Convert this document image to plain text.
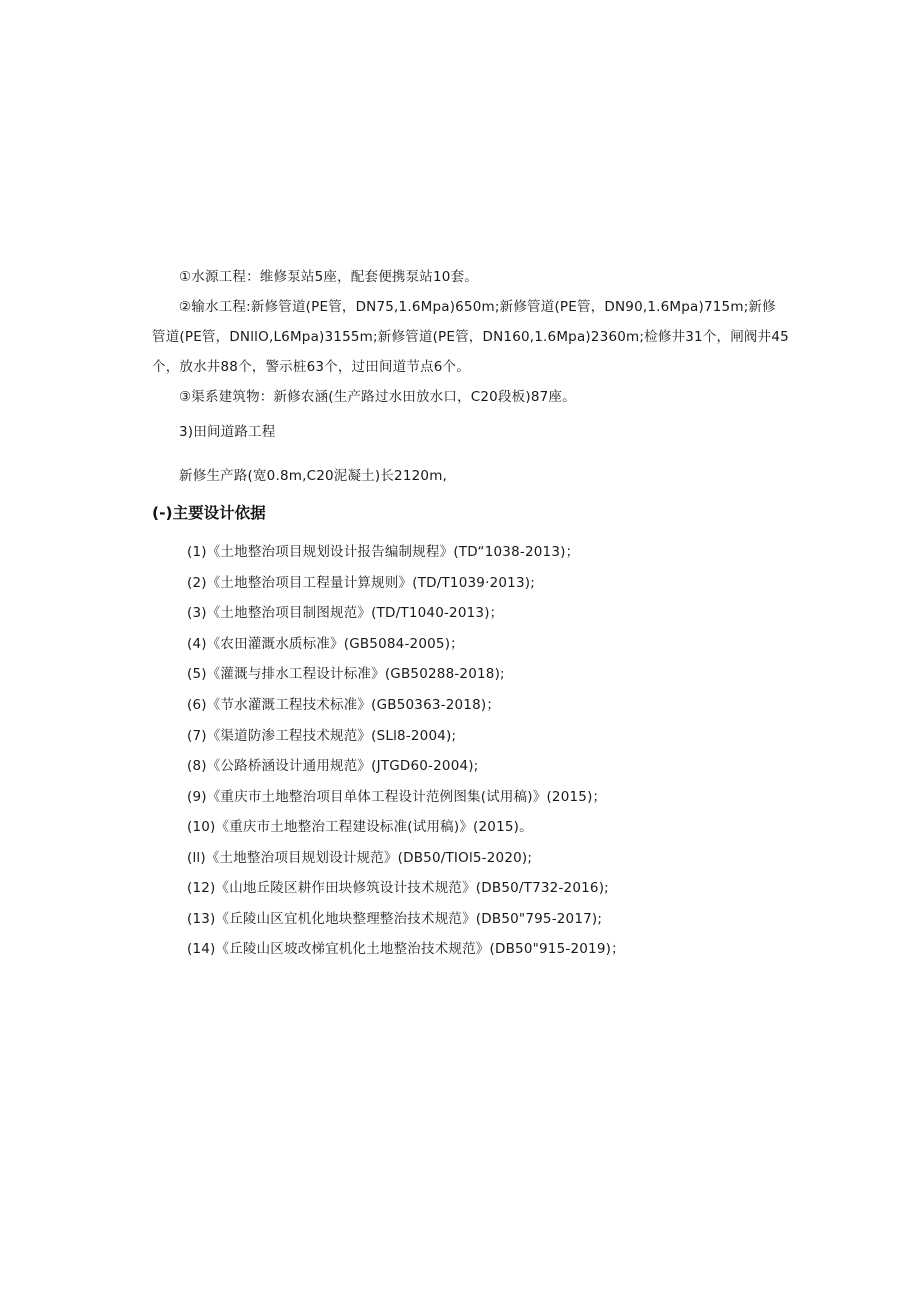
①水源工程：维修泵站5座，配套便携泵站10套。
②输水工程:新修管道(PE管，DN75,1.6Mpa)650m;新修管道(PE管，DN90,1.6Mpa)715m;新修
管道(PE管，DNllO,L6Mpa)3155m;新修管道(PE管，DN160,1.6Mpa)2360m;检修井31个，闸阀井45
个，放水井88个，警示桩63个，过田间道节点6个。
③渠系建筑物：新修农涵(生产路过水田放水口，C20段板)87座。
3)田间道路工程
新修生产路(宽0.8m,C20泥凝土)长2120m,
(-)主要设计依据
(1)《土地整治项目规划设计报告编制规程》(TD“1038-2013)；
(2)《土地整治项目工程量计算规则》(TD/T1039·2013);
(3)《土地整治项目制图规范》(TD/T1040-2013)；
(4)《农田灌溉水质标准》(GB5084-2005)；
(5)《灌溉与排水工程设计标准》(GB50288-2018);
(6)《节水灌溉工程技术标准》(GB50363-2018)；
(7)《渠道防渗工程技术规范》(SLl8-2004);
(8)《公路桥涵设计通用规范》(JTGD60-2004);
(9)《重庆市土地整治项目单体工程设计范例图集(试用稿)》(2015)；
(10)《重庆市土地整治工程建设标准(试用稿)》(2015)。
(ll)《土地整治项目规划设计规范》(DB50∕TIOl5-2020);
(12)《山地丘陵区耕作田块修筑设计技术规范》(DB50/T732-2016);
(13)《丘陵山区宜机化地块整理整治技术规范》(DB50"795-2017);
(14)《丘陵山区坡改梯宜机化土地整治技术规范》(DB50"915-2019)；
